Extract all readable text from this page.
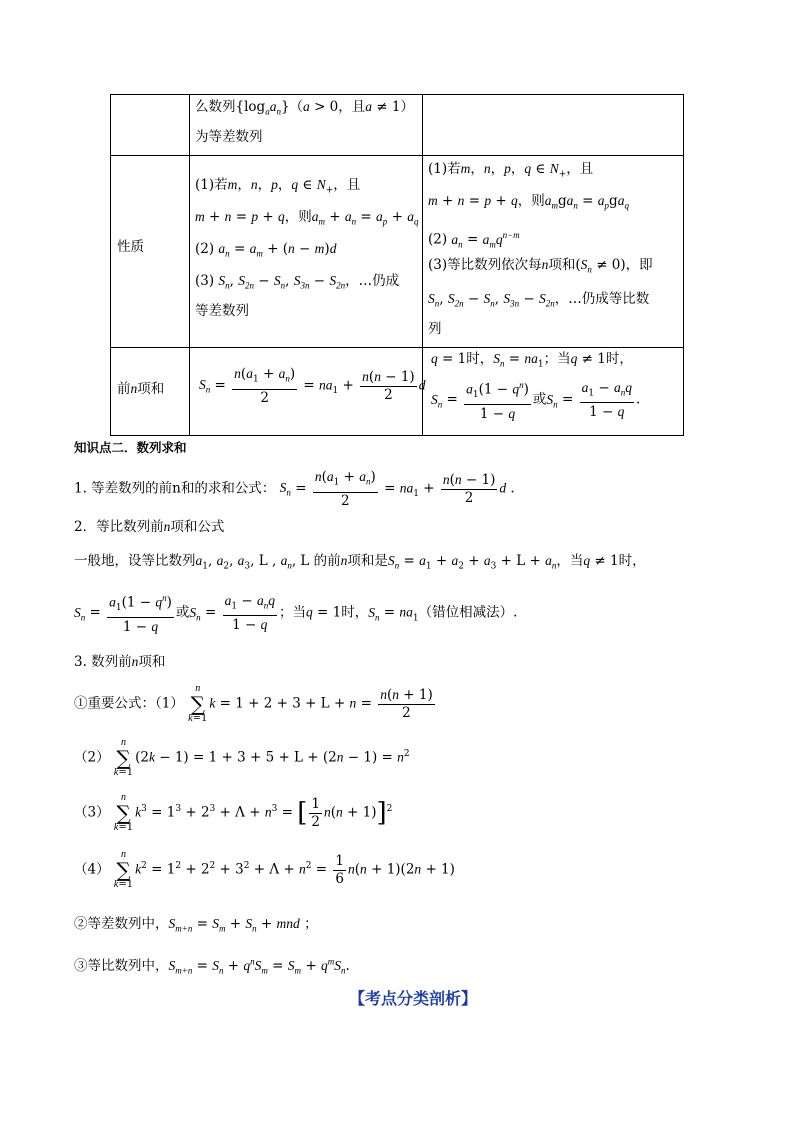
么数列$\{\log_aa_n\}(a > 0$，且a ≠ 1）
为等差数列
性质
(1)若m，n，p，q ∈ $N_+$，且
m + n = p + q，则$a_m + a_n = a_p + a_q$
(2) $a_n = a_m + (n - m)d$
(3) $S_n$, $S_{2n} - S_n$, $S_{3n} - S_{2n}$，…仍成
等差数列
(1)若m，n，p，q ∈ $N_+$，且
m + n = p + q，则$a_mga_n = a_pga_q$
(2) $a_n = a_mq^{n-m}$
(3)等比数列依次每n项和$(S_n \ne 0)$，即
$S_n$, $S_{2n} - S_n$, $S_{3n} - S_{2n}$，…仍成等比数
列
前n项和	$S_n = \frac{n(a_1 + a_n)}{2} = na_1 + \frac{n(n - 1)}{2}$ d
q = 1时，$S_n = na_1$；当q ≠ 1时，
$S_n = \frac{a_1(1 - q^n)}{1 - q}$ 或$S_n = \frac{a_1 - a_nq}{1 - q}$ .
知识点二．数列求和
1. 等差数列的前n和的求和公式： $S_n = \frac{n(a_1 + a_n)}{2} = na_1 + \frac{n(n - 1)}{2}$ d .
2．等比数列前n项和公式
一般地，设等比数列$a_1$, $a_2$, $a_3$, L , $a_n$, L 的前n项和是$S_n = a_1 + a_2 + a_3 + L + a_n$，当q ≠ 1时，
$S_n = \frac{a_1(1 - q^n)}{1 - q}$ 或$S_n = \frac{a_1 - a_nq}{1 - q}$ ；当q = 1时，$S_n = na_1$（错位相减法）.
3. 数列前n项和
①重要公式：（1） n
∑
$k=1k = 1 + 2 + 3 + L + n = \frac{n(n + 1)}{2}$
（2） n
∑
$k=1(2k - 1) = 1 + 3 + 5 + L + (2n - 1) = n^2$
（3） n
∑
$k=1k^3 = 1^3 + 2^3 + \Lambda + n^3$ = [ $\frac{1}{2} n(n + 1)]^2$
（4） n
∑
$k=1k^2 = 1^2 + 2^2 + 3^2 + \Lambda + n^2 = \frac{1}{6} n(n + 1)(2n + 1)$
②等差数列中，$S_{m+n} = S_m + S_n$ + mnd ；
③等比数列中，$S_{m+n} = S_n + q^nS_m = S_m + q^mS_n$.
【考点分类剖析】
